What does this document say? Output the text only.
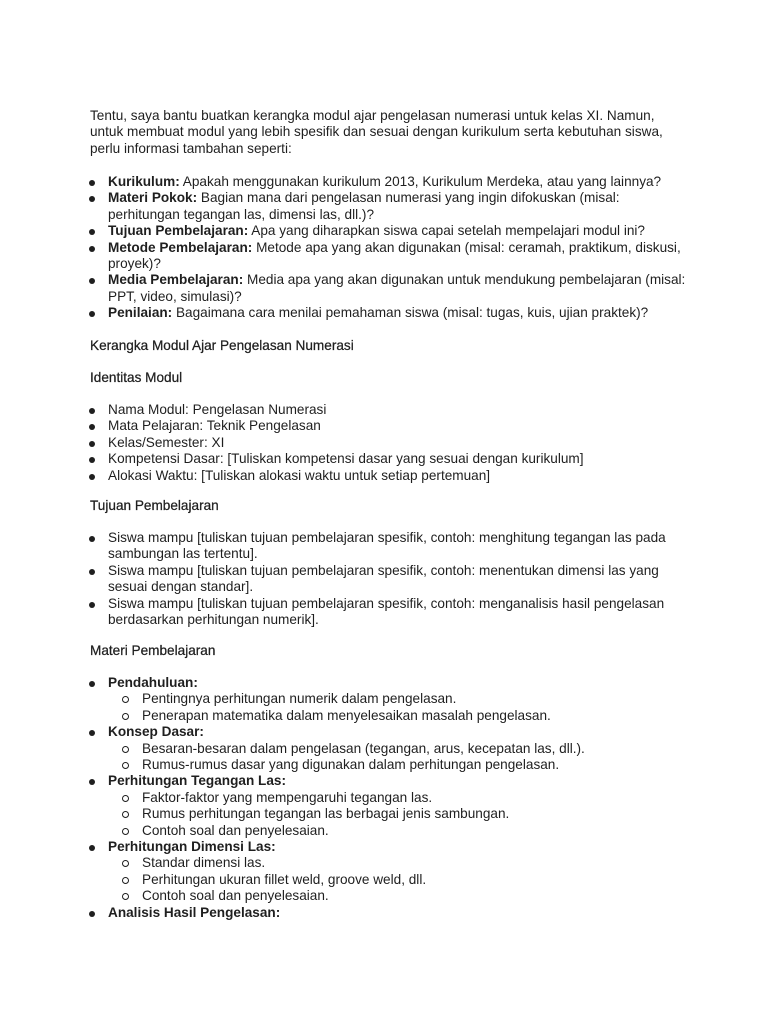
Tentu, saya bantu buatkan kerangka modul ajar pengelasan numerasi untuk kelas XI. Namun, untuk membuat modul yang lebih spesifik dan sesuai dengan kurikulum serta kebutuhan siswa, perlu informasi tambahan seperti:

Kurikulum: Apakah menggunakan kurikulum 2013, Kurikulum Merdeka, atau yang lainnya?
Materi Pokok: Bagian mana dari pengelasan numerasi yang ingin difokuskan (misal: perhitungan tegangan las, dimensi las, dll.)?
Tujuan Pembelajaran: Apa yang diharapkan siswa capai setelah mempelajari modul ini?
Metode Pembelajaran: Metode apa yang akan digunakan (misal: ceramah, praktikum, diskusi, proyek)?
Media Pembelajaran: Media apa yang akan digunakan untuk mendukung pembelajaran (misal: PPT, video, simulasi)?
Penilaian: Bagaimana cara menilai pemahaman siswa (misal: tugas, kuis, ujian praktek)?
Kerangka Modul Ajar Pengelasan Numerasi
Identitas Modul
Nama Modul: Pengelasan Numerasi
Mata Pelajaran: Teknik Pengelasan
Kelas/Semester: XI
Kompetensi Dasar: [Tuliskan kompetensi dasar yang sesuai dengan kurikulum]
Alokasi Waktu: [Tuliskan alokasi waktu untuk setiap pertemuan]
Tujuan Pembelajaran
Siswa mampu [tuliskan tujuan pembelajaran spesifik, contoh: menghitung tegangan las pada sambungan las tertentu].
Siswa mampu [tuliskan tujuan pembelajaran spesifik, contoh: menentukan dimensi las yang sesuai dengan standar].
Siswa mampu [tuliskan tujuan pembelajaran spesifik, contoh: menganalisis hasil pengelasan berdasarkan perhitungan numerik].
Materi Pembelajaran
Pendahuluan:
Pentingnya perhitungan numerik dalam pengelasan.
Penerapan matematika dalam menyelesaikan masalah pengelasan.
Konsep Dasar:
Besaran-besaran dalam pengelasan (tegangan, arus, kecepatan las, dll.).
Rumus-rumus dasar yang digunakan dalam perhitungan pengelasan.
Perhitungan Tegangan Las:
Faktor-faktor yang mempengaruhi tegangan las.
Rumus perhitungan tegangan las berbagai jenis sambungan.
Contoh soal dan penyelesaian.
Perhitungan Dimensi Las:
Standar dimensi las.
Perhitungan ukuran fillet weld, groove weld, dll.
Contoh soal dan penyelesaian.
Analisis Hasil Pengelasan:
